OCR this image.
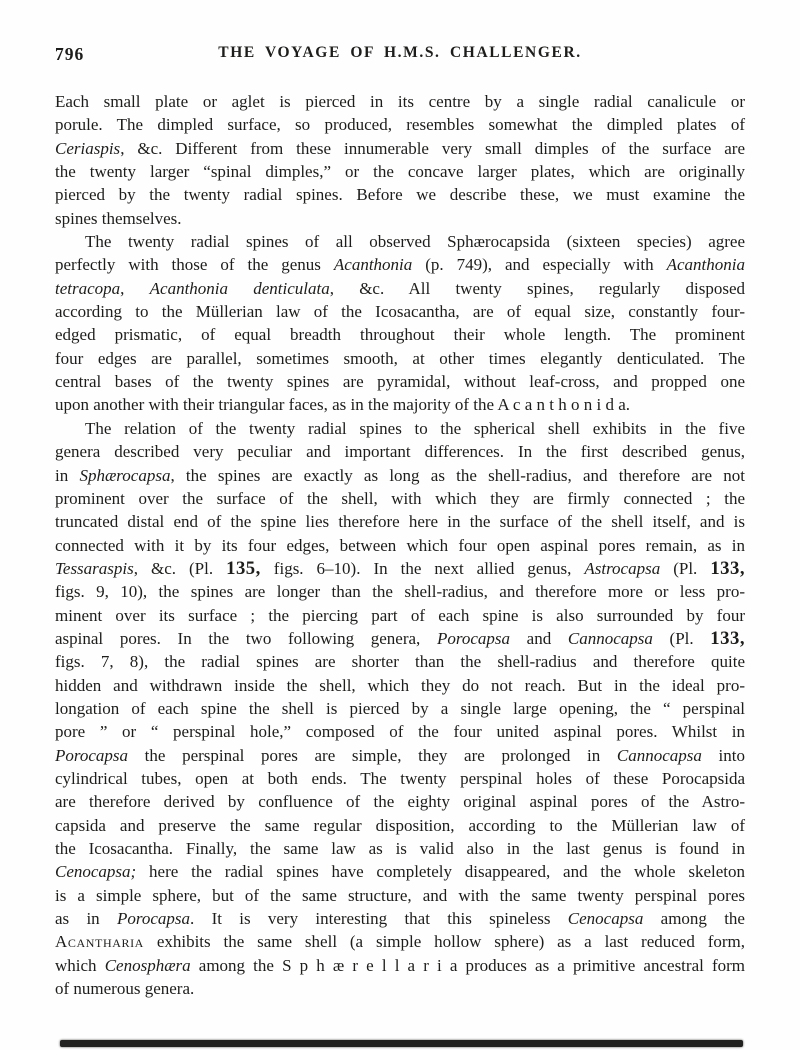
796	THE VOYAGE OF H.M.S. CHALLENGER.
Each small plate or aglet is pierced in its centre by a single radial canalicule or
porule. The dimpled surface, so produced, resembles somewhat the dimpled plates of
Ceriaspis, &c. Different from these innumerable very small dimples of the surface are
the twenty larger “spinal dimples,” or the concave larger plates, which are originally
pierced by the twenty radial spines. Before we describe these, we must examine the
spines themselves.
The twenty radial spines of all observed Sphærocapsida (sixteen species) agree
perfectly with those of the genus Acanthonia (p. 749), and especially with Acanthonia
tetracopa, Acanthonia denticulata, &c. All twenty spines, regularly disposed
according to the Müllerian law of the Icosacantha, are of equal size, constantly four-
edged prismatic, of equal breadth throughout their whole length. The prominent
four edges are parallel, sometimes smooth, at other times elegantly denticulated. The
central bases of the twenty spines are pyramidal, without leaf-cross, and propped one
upon another with their triangular faces, as in the majority of the A c a n t h o n i d a.
The relation of the twenty radial spines to the spherical shell exhibits in the five
genera described very peculiar and important differences. In the first described genus,
in Sphærocapsa, the spines are exactly as long as the shell-radius, and therefore are not
prominent over the surface of the shell, with which they are firmly connected ; the
truncated distal end of the spine lies therefore here in the surface of the shell itself, and is
connected with it by its four edges, between which four open aspinal pores remain, as in
Tessaraspis, &c. (Pl. 135, figs. 6–10). In the next allied genus, Astrocapsa (Pl. 133,
figs. 9, 10), the spines are longer than the shell-radius, and therefore more or less pro-
minent over its surface ; the piercing part of each spine is also surrounded by four
aspinal pores. In the two following genera, Porocapsa and Cannocapsa (Pl. 133,
figs. 7, 8), the radial spines are shorter than the shell-radius and therefore quite
hidden and withdrawn inside the shell, which they do not reach. But in the ideal pro-
longation of each spine the shell is pierced by a single large opening, the “ perspinal
pore ” or “ perspinal hole,” composed of the four united aspinal pores. Whilst in
Porocapsa the perspinal pores are simple, they are prolonged in Cannocapsa into
cylindrical tubes, open at both ends. The twenty perspinal holes of these Porocapsida
are therefore derived by confluence of the eighty original aspinal pores of the Astro-
capsida and preserve the same regular disposition, according to the Müllerian law of
the Icosacantha. Finally, the same law as is valid also in the last genus is found in
Cenocapsa; here the radial spines have completely disappeared, and the whole skeleton
is a simple sphere, but of the same structure, and with the same twenty perspinal pores
as in Porocapsa. It is very interesting that this spineless Cenocapsa among the
Acantharia exhibits the same shell (a simple hollow sphere) as a last reduced form,
which Cenosphæra among the S p h æ r e l l a r i a produces as a primitive ancestral form
of numerous genera.
